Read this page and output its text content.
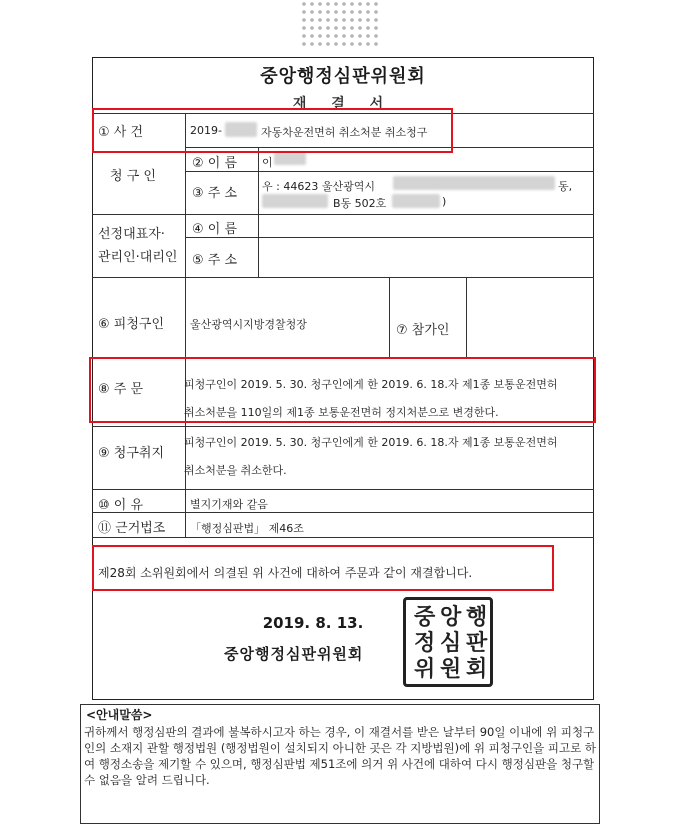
중앙행정심판위원회
재 결 서
① 사 건	2019-	자동차운전면허 취소처분 취소청구
청 구 인
② 이 름 이
③ 주 소 우 : 44623 울산광역시	동,
B동 502호	)
선정대표자·
관리인·대리인
④ 이 름
⑤ 주 소
⑥ 피청구인 울산광역시지방경찰청장	⑦ 참가인
⑧ 주 문	피청구인이 2019. 5. 30. 청구인에게 한 2019. 6. 18.자 제1종 보통운전면허
취소처분을 110일의 제1종 보통운전면허 정지처분으로 변경한다.
⑨ 청구취지
피청구인이 2019. 5. 30. 청구인에게 한 2019. 6. 18.자 제1종 보통운전면허
취소처분을 취소한다.
⑩ 이 유	별지기재와 같음
⑪ 근거법조 「행정심판법」 제46조
제28회 소위원회에서 의결된 위 사건에 대하여 주문과 같이 재결합니다.
2019. 8. 13.
중앙행정심판위원회
중 앙 행
정 심 판
위 원 회
<안내말씀>
귀하께서 행정심판의 결과에 불복하시고자 하는 경우, 이 재결서를 받은 날부터 90일 이내에 위 피청구인의 소재지 관할 행정법원 (행정법원이 설치되지 아니한 곳은 각 지방법원)에 위 피청구인을 피고로 하여 행정소송을 제기할 수 있으며, 행정심판법 제51조에 의거 위 사건에 대하여 다시 행정심판을 청구할 수 없음을 알려 드립니다.
